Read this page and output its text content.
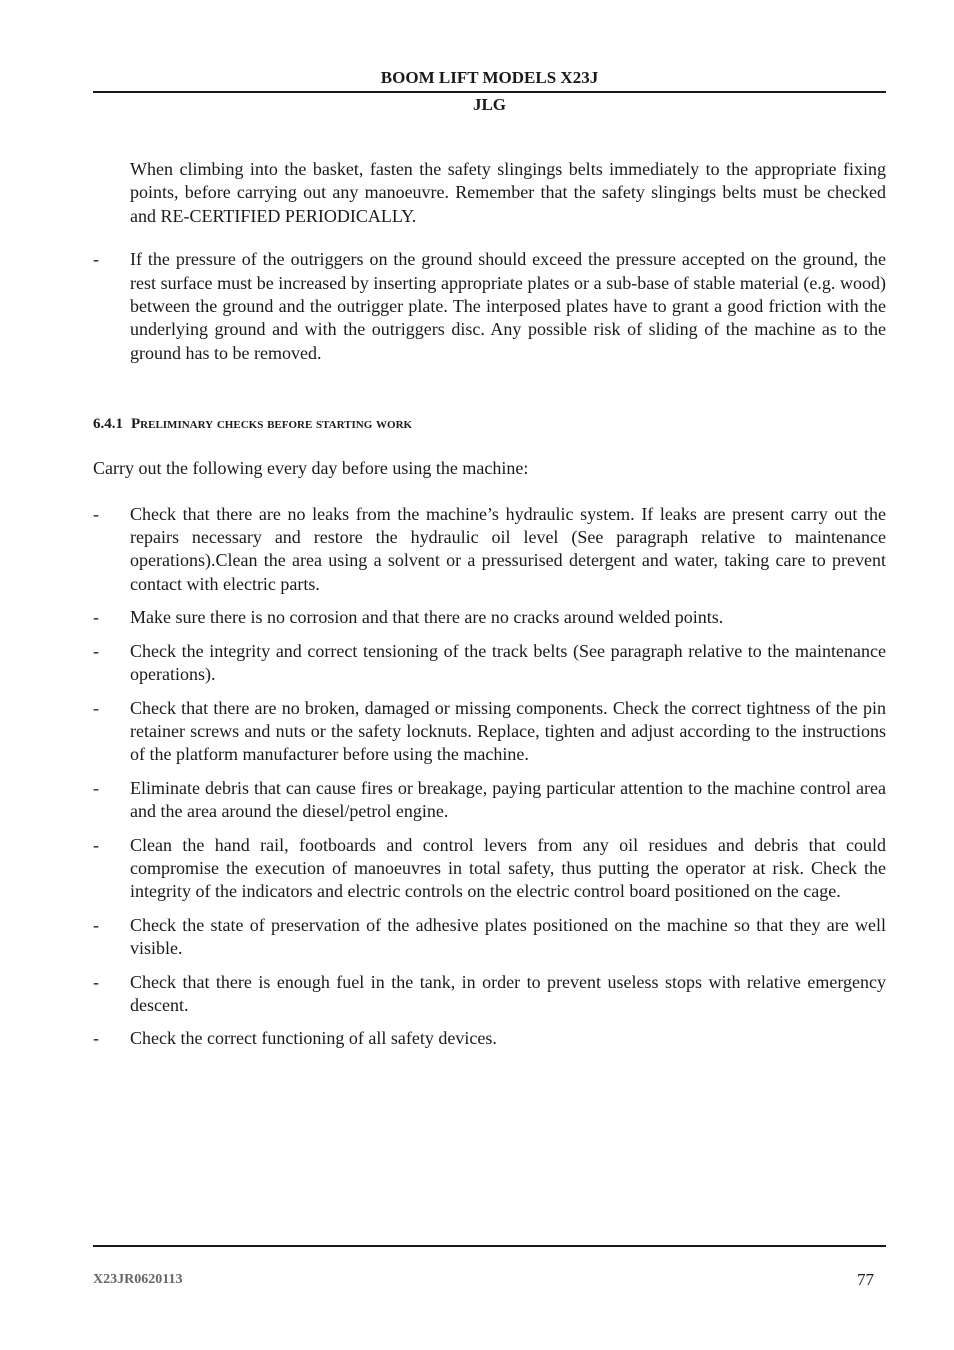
BOOM LIFT MODELS X23J
JLG

When climbing into the basket, fasten the safety slingings belts immediately to the appropriate fixing points, before carrying out any manoeuvre. Remember that the safety slingings belts must be checked and RE-CERTIFIED PERIODICALLY.

- If the pressure of the outriggers on the ground should exceed the pressure accepted on the ground, the rest surface must be increased by inserting appropriate plates or a sub-base of stable material (e.g. wood) between the ground and the outrigger plate. The interposed plates have to grant a good friction with the underlying ground and with the outriggers disc. Any possible risk of sliding of the machine as to the ground has to be removed.
6.4.1 Preliminary checks before starting work

Carry out the following every day before using the machine:

- Check that there are no leaks from the machine’s hydraulic system. If leaks are present carry out the repairs necessary and restore the hydraulic oil level (See paragraph relative to maintenance operations).Clean the area using a solvent or a pressurised detergent and water, taking care to prevent contact with electric parts.
- Make sure there is no corrosion and that there are no cracks around welded points.
- Check the integrity and correct tensioning of the track belts (See paragraph relative to the maintenance operations).
- Check that there are no broken, damaged or missing components. Check the correct tightness of the pin retainer screws and nuts or the safety locknuts. Replace, tighten and adjust according to the instructions of the platform manufacturer before using the machine.
- Eliminate debris that can cause fires or breakage, paying particular attention to the machine control area and the area around the diesel/petrol engine.
- Clean the hand rail, footboards and control levers from any oil residues and debris that could compromise the execution of manoeuvres in total safety, thus putting the operator at risk. Check the integrity of the indicators and electric controls on the electric control board positioned on the cage.
- Check the state of preservation of the adhesive plates positioned on the machine so that they are well visible.
- Check that there is enough fuel in the tank, in order to prevent useless stops with relative emergency descent.
- Check the correct functioning of all safety devices.
X23JR0620113	77
